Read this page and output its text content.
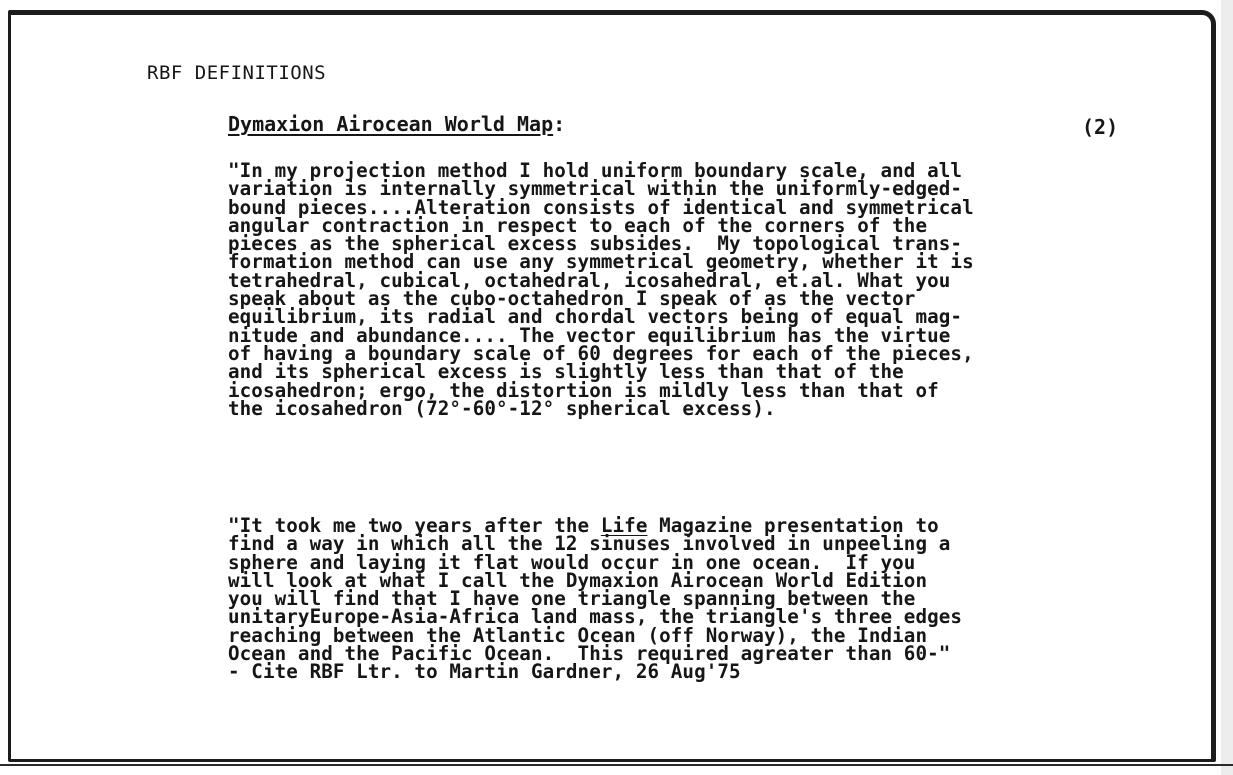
RBF DEFINITIONS
Dymaxion Airocean World Map:	(2)
"In my projection method I hold uniform boundary scale, and all
variation is internally symmetrical within the uniformly-edged-
bound pieces....Alteration consists of identical and symmetrical
angular contraction in respect to each of the corners of the
pieces as the spherical excess subsides.  My topological trans-
formation method can use any symmetrical geometry, whether it is
tetrahedral, cubical, octahedral, icosahedral, et.al. What you
speak about as the cubo-octahedron I speak of as the vector
equilibrium, its radial and chordal vectors being of equal mag-
nitude and abundance.... The vector equilibrium has the virtue
of having a boundary scale of 60 degrees for each of the pieces,
and its spherical excess is slightly less than that of the
icosahedron; ergo, the distortion is mildly less than that of
the icosahedron (72°-60°-12° spherical excess).
"It took me two years after the Life Magazine presentation to
find a way in which all the 12 sinuses involved in unpeeling a
sphere and laying it flat would occur in one ocean.  If you
will look at what I call the Dymaxion Airocean World Edition
you will find that I have one triangle spanning between the
unitaryEurope-Asia-Africa land mass, the triangle's three edges
reaching between the Atlantic Ocean (off Norway), the Indian
Ocean and the Pacific Ocean.  This required agreater than 60-"
- Cite RBF Ltr. to Martin Gardner, 26 Aug'75
